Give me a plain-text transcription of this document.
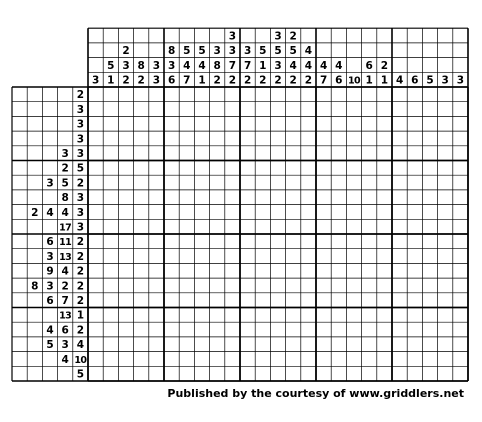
3
5
1
2
3
2
8
2
3
3
8
3
6
5
4
7
5
4
1
3
8
2
3
3
7
2
3
7
2
5
1
2
3
5
3
2
2
5
4
2
4
4
2
4
7
4
6 10
6
1
2
1 4 6 5 3 3
2
3
3
3
3 3
2 5
3 5 2
8 3
2 4 4 3
17 3
6 11 2
3 13 2
9 4 2
8 3 2 2
6 7 2
13 1
4 6 2
5 3 4
4 10
5
Published by the courtesy of www.griddlers.net
